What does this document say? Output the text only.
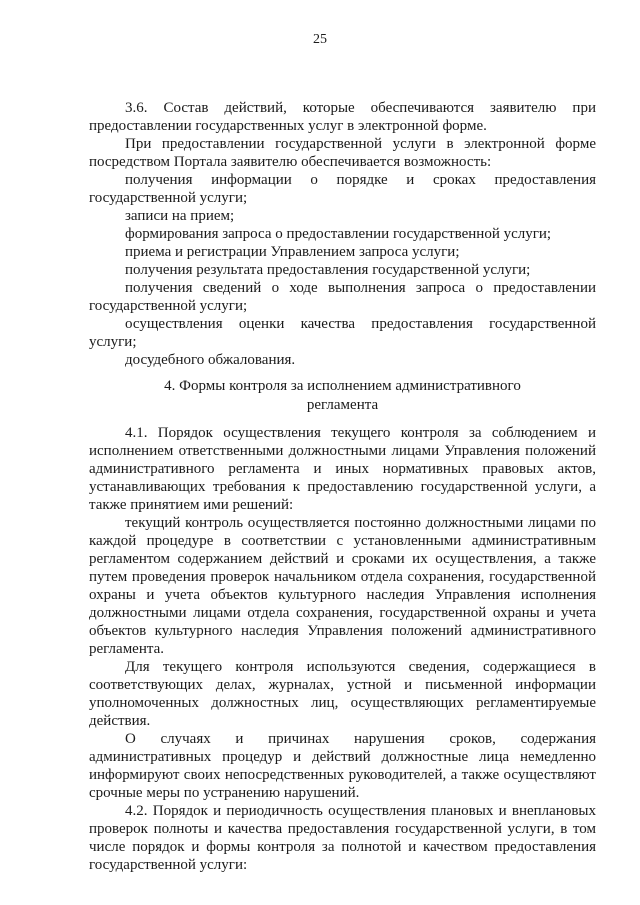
25

3.6. Состав действий, которые обеспечиваются заявителю при предоставлении государственных услуг в электронной форме.

При предоставлении государственной услуги в электронной форме посредством Портала заявителю обеспечивается возможность:

получения информации о порядке и сроках предоставления государственной услуги;

записи на прием;

формирования запроса о предоставлении государственной услуги;

приема и регистрации Управлением запроса услуги;

получения результата предоставления государственной услуги;

получения сведений о ходе выполнения запроса о предоставлении государственной услуги;

осуществления оценки качества предоставления государственной услуги;

досудебного обжалования.

4. Формы контроля за исполнением административного
регламента

4.1. Порядок осуществления текущего контроля за соблюдением и исполнением ответственными должностными лицами Управления положений административного регламента и иных нормативных правовых актов, устанавливающих требования к предоставлению государственной услуги, а также принятием ими решений:

текущий контроль осуществляется постоянно должностными лицами по каждой процедуре в соответствии с установленными административным регламентом содержанием действий и сроками их осуществления, а также путем проведения проверок начальником отдела сохранения, государственной охраны и учета объектов культурного наследия Управления исполнения должностными лицами отдела сохранения, государственной охраны и учета объектов культурного наследия Управления положений административного регламента.

Для текущего контроля используются сведения, содержащиеся в соответствующих делах, журналах, устной и письменной информации уполномоченных должностных лиц, осуществляющих регламентируемые действия.

О случаях и причинах нарушения сроков, содержания административных процедур и действий должностные лица немедленно информируют своих непосредственных руководителей, а также осуществляют срочные меры по устранению нарушений.

4.2. Порядок и периодичность осуществления плановых и внеплановых проверок полноты и качества предоставления государственной услуги, в том числе порядок и формы контроля за полнотой и качеством предоставления государственной услуги:
